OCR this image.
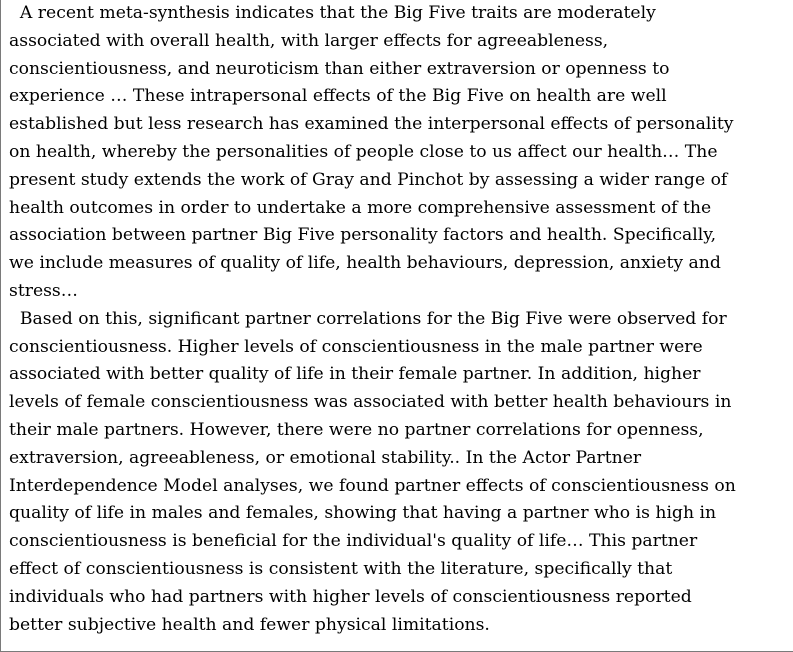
A recent meta-synthesis indicates that the Big Five traits are moderately
associated with overall health, with larger effects for agreeableness,
conscientiousness, and neuroticism than either extraversion or openness to
experience … These intrapersonal effects of the Big Five on health are well
established but less research has examined the interpersonal effects of personality
on health, whereby the personalities of people close to us affect our health… The
present study extends the work of Gray and Pinchot by assessing a wider range of
health outcomes in order to undertake a more comprehensive assessment of the
association between partner Big Five personality factors and health. Specifically,
we include measures of quality of life, health behaviours, depression, anxiety and
stress…
Based on this, significant partner correlations for the Big Five were observed for
conscientiousness. Higher levels of conscientiousness in the male partner were
associated with better quality of life in their female partner. In addition, higher
levels of female conscientiousness was associated with better health behaviours in
their male partners. However, there were no partner correlations for openness,
extraversion, agreeableness, or emotional stability.. In the Actor Partner
Interdependence Model analyses, we found partner effects of conscientiousness on
quality of life in males and females, showing that having a partner who is high in
conscientiousness is beneficial for the individual's quality of life… This partner
effect of conscientiousness is consistent with the literature, specifically that
individuals who had partners with higher levels of conscientiousness reported
better subjective health and fewer physical limitations.
